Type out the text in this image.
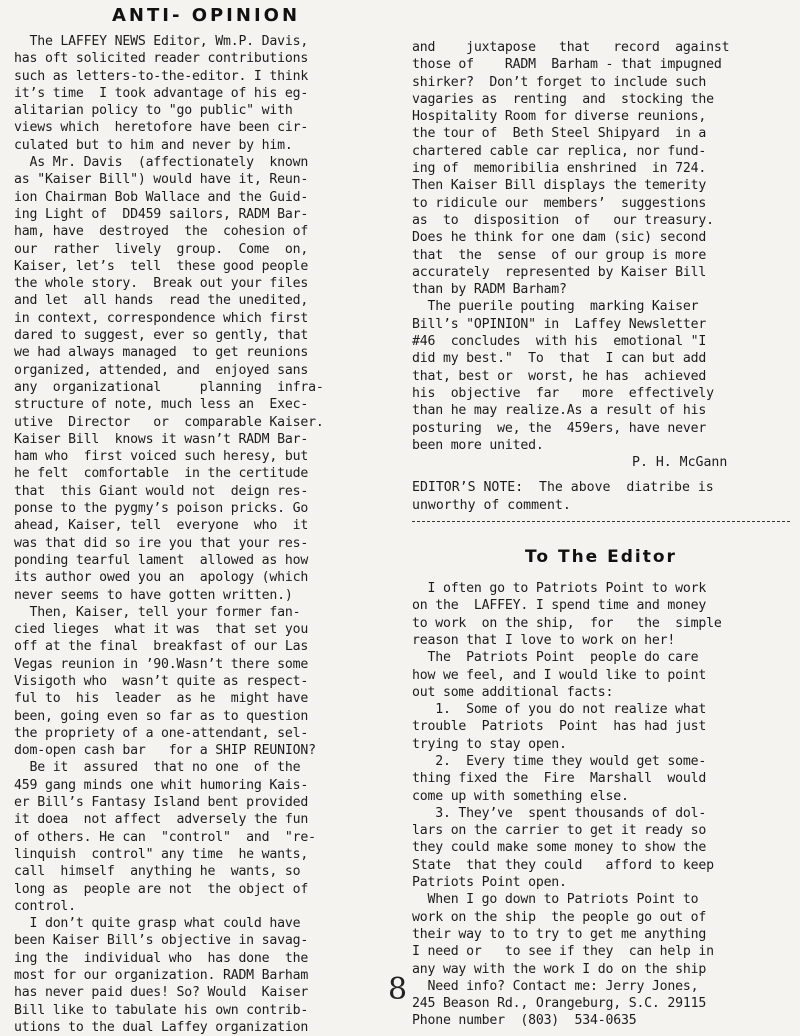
ANTI- OPINION

The LAFFEY NEWS Editor, Wm.P. Davis,
has oft solicited reader contributions
such as letters-to-the-editor. I think
it’s time  I took advantage of his eg-
alitarian policy to "go public" with
views which  heretofore have been cir-
culated but to him and never by him.

As Mr. Davis  (affectionately  known
as "Kaiser Bill") would have it, Reun-
ion Chairman Bob Wallace and the Guid-
ing Light of  DD459 sailors, RADM Bar-
ham, have  destroyed  the  cohesion of
our  rather  lively  group.  Come  on,
Kaiser, let’s  tell  these good people
the whole story.  Break out your files
and let  all hands  read the unedited,
in context, correspondence which first
dared to suggest, ever so gently, that
we had always managed  to get reunions
organized, attended, and  enjoyed sans
any  organizational     planning  infra-
structure of note, much less an  Exec-
utive  Director   or  comparable Kaiser.
Kaiser Bill  knows it wasn’t RADM Bar-
ham who  first voiced such heresy, but
he felt  comfortable  in the certitude
that  this Giant would not  deign res-
ponse to the pygmy’s poison pricks. Go
ahead, Kaiser, tell  everyone  who  it
was that did so ire you that your res-
ponding tearful lament  allowed as how
its author owed you an  apology (which
never seems to have gotten written.)

Then, Kaiser, tell your former fan-
cied lieges  what it was  that set you
off at the final  breakfast of our Las
Vegas reunion in ’90.Wasn’t there some
Visigoth who  wasn’t quite as respect-
ful to  his  leader  as he  might have
been, going even so far as to question
the propriety of a one-attendant, sel-
dom-open cash bar   for a SHIP REUNION?

Be it  assured  that no one  of the
459 gang minds one whit humoring Kais-
er Bill’s Fantasy Island bent provided
it doea  not affect  adversely the fun
of others. He can  "control"  and  "re-
linquish  control" any time  he wants,
call  himself  anything he  wants, so
long as  people are not  the object of
control.

I don’t quite grasp what could have
been Kaiser Bill’s objective in savag-
ing the  individual who  has done  the
most for our organization. RADM Barham
has never paid dues! So? Would  Kaiser
Bill like to tabulate his own contrib-
utions to the dual Laffey organization

and    juxtapose   that   record  against
those of    RADM  Barham - that impugned
shirker?  Don’t forget to include such
vagaries as  renting  and  stocking the
Hospitality Room for diverse reunions,
the tour of  Beth Steel Shipyard  in a
chartered cable car replica, nor fund-
ing of  memoribilia enshrined  in 724.
Then Kaiser Bill displays the temerity
to ridicule our  members’  suggestions
as  to  disposition  of   our treasury.
Does he think for one dam (sic) second
that  the  sense  of our group is more
accurately  represented by Kaiser Bill
than by RADM Barham?

The puerile pouting  marking Kaiser
Bill’s "OPINION" in  Laffey Newsletter
#46  concludes  with his  emotional "I
did my best."  To  that  I can but add
that, best or  worst, he has  achieved
his  objective  far   more  effectively
than he may realize.As a result of his
posturing  we, the  459ers, have never
been more united.

P. H. McGann

EDITOR’S NOTE:  The above  diatribe is
unworthy of comment.

To The Editor

I often go to Patriots Point to work
on the  LAFFEY. I spend time and money
to work  on the ship,  for   the  simple
reason that I love to work on her!

The  Patriots Point  people do care
how we feel, and I would like to point
out some additional facts:

1.  Some of you do not realize what
trouble  Patriots  Point  has had just
trying to stay open.

2.  Every time they would get some-
thing fixed the  Fire  Marshall  would
come up with something else.

3. They’ve  spent thousands of dol-
lars on the carrier to get it ready so
they could make some money to show the
State  that they could   afford to keep
Patriots Point open.

When I go down to Patriots Point to
work on the ship  the people go out of
their way to to try to get me anything
I need or   to see if they  can help in
any way with the work I do on the ship

Need info? Contact me: Jerry Jones,
245 Beason Rd., Orangeburg, S.C. 29115
Phone number  (803)  534-0635

8
